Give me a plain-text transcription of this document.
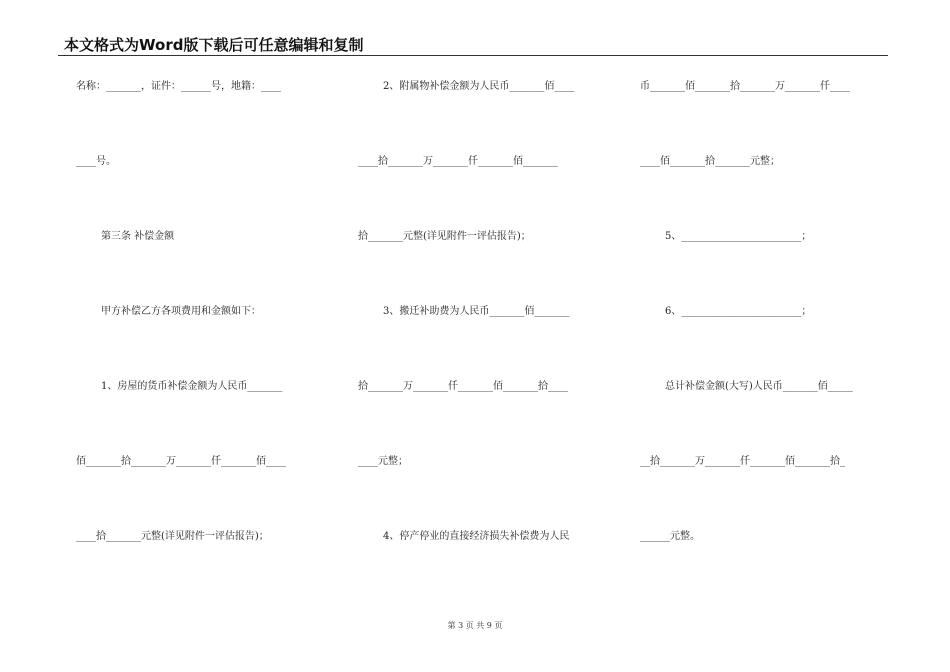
本文格式为Word版下载后可任意编辑和复制
名称：_______，证件：______号，地籍：____
____号。
第三条 补偿金额
甲方补偿乙方各项费用和金额如下：
1、房屋的货币补偿金额为人民币_______
佰_______拾_______万_______仟_______佰____
____拾_______元整(详见附件一评估报告)；
2、附属物补偿金额为人民币_______佰____
____拾_______万_______仟_______佰_______
拾_______元整(详见附件一评估报告)；
3、搬迁补助费为人民币_______佰_______
拾_______万_______仟_______佰_______拾____
____元整；
4、停产停业的直接经济损失补偿费为人民
币_______佰_______拾_______万_______仟____
____佰_______拾_______元整；
5、________________________；
6、________________________；
总计补偿金额(大写)人民币_______佰_____
__拾_______万_______仟_______佰_______拾_
______元整。
第 3 页 共 9 页
